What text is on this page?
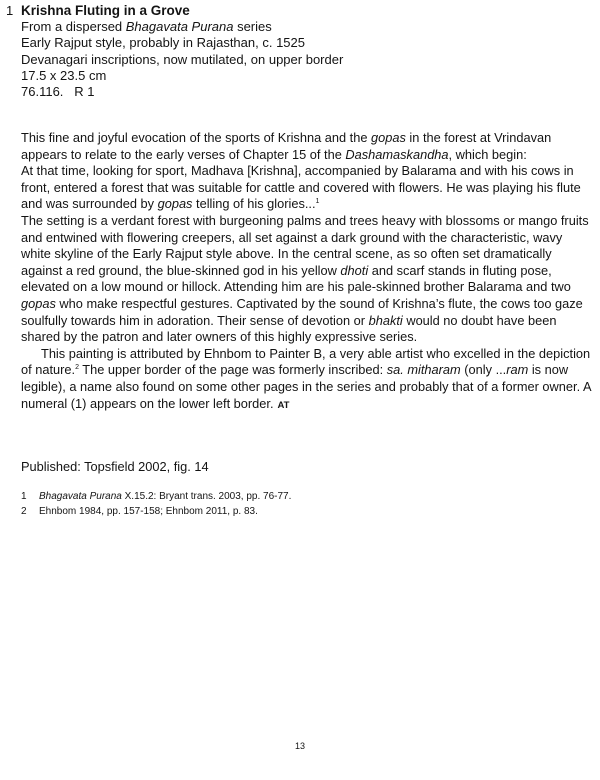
1 Krishna Fluting in a Grove
From a dispersed Bhagavata Purana series
Early Rajput style, probably in Rajasthan, c. 1525
Devanagari inscriptions, now mutilated, on upper border
17.5 x 23.5 cm
76.116.   R 1

This fine and joyful evocation of the sports of Krishna and the gopas in the forest at Vrindavan appears to relate to the early verses of Chapter 15 of the Dashamaskandha, which begin:

At that time, looking for sport, Madhava [Krishna], accompanied by Balarama and with his cows in front, entered a forest that was suitable for cattle and covered with flowers. He was playing his flute and was surrounded by gopas telling of his glories...$^1$

The setting is a verdant forest with burgeoning palms and trees heavy with blossoms or mango fruits and entwined with flowering creepers, all set against a dark ground with the characteristic, wavy white skyline of the Early Rajput style above. In the central scene, as so often set dramatically against a red ground, the blue-skinned god in his yellow dhoti and scarf stands in fluting pose, elevated on a low mound or hillock. Attending him are his pale-skinned brother Balarama and two gopas who make respectful gestures. Captivated by the sound of Krishna’s flute, the cows too gaze soulfully towards him in adoration. Their sense of devotion or bhakti would no doubt have been shared by the patron and later owners of this highly expressive series.

This painting is attributed by Ehnbom to Painter B, a very able artist who excelled in the depiction of nature.$^2$ The upper border of the page was formerly inscribed: sa. mitharam (only ...ram is now legible), a name also found on some other pages in the series and probably that of a former owner. A numeral (1) appears on the lower left border. AT

Published: Topsfield 2002, fig. 14
1	Bhagavata Purana X.15.2: Bryant trans. 2003, pp. 76-77.
2	Ehnbom 1984, pp. 157-158; Ehnbom 2011, p. 83.
13
